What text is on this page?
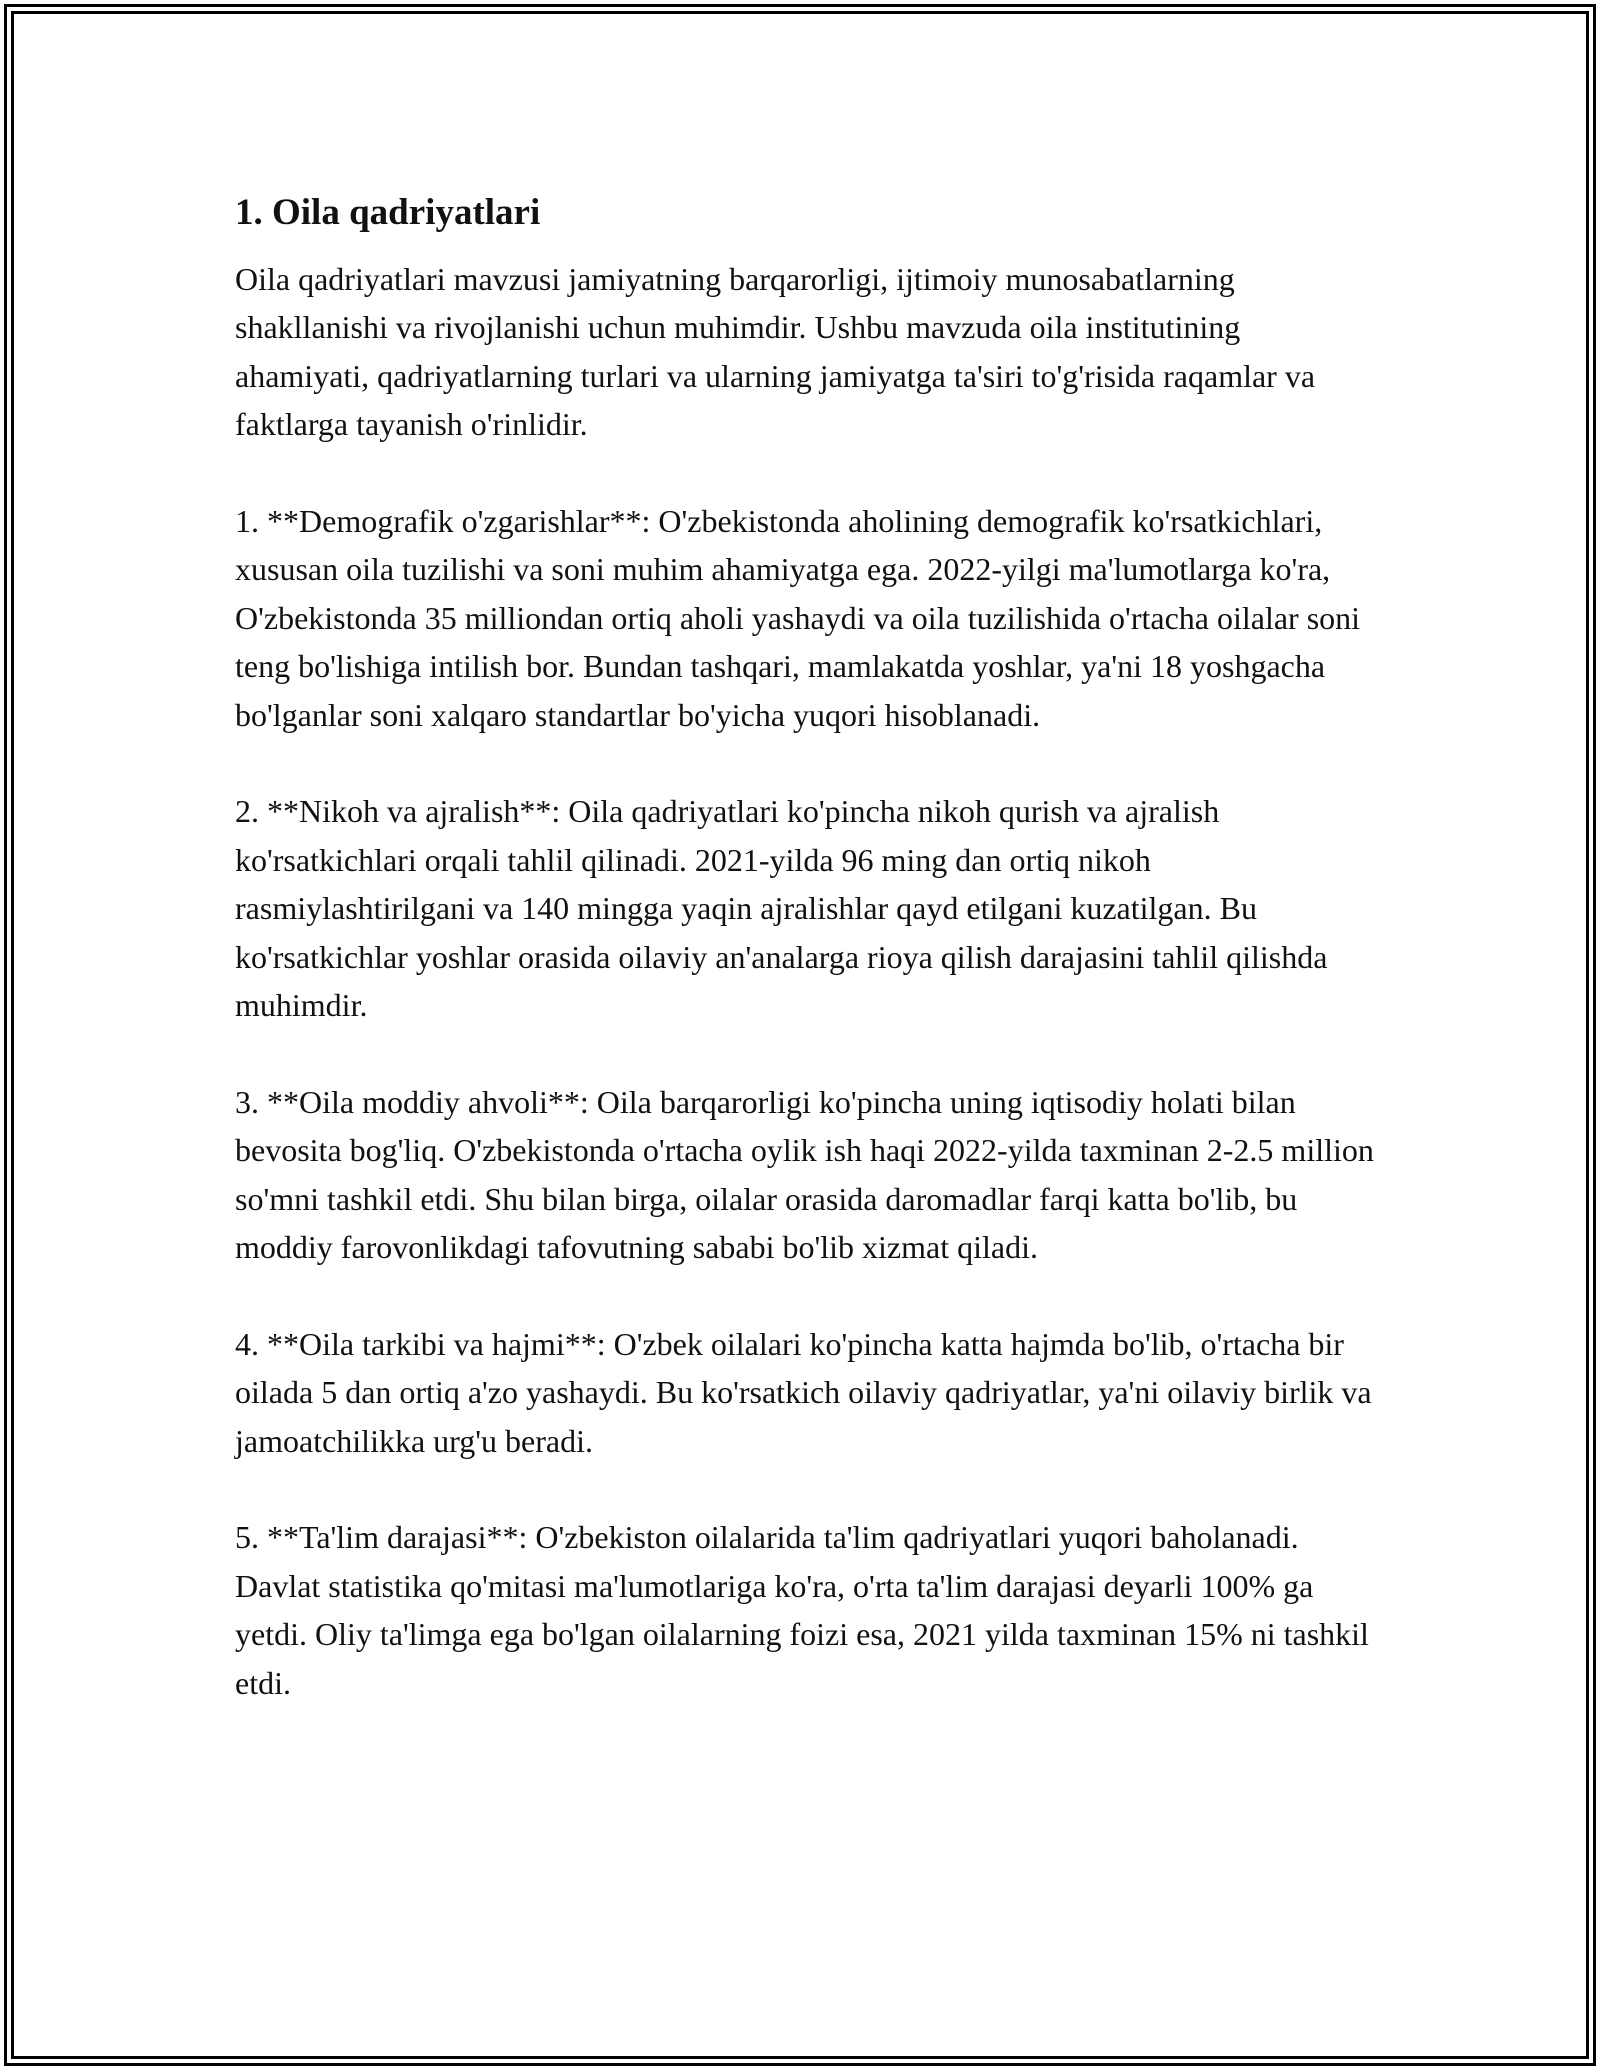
1. Oila qadriyatlari

Oila qadriyatlari mavzusi jamiyatning barqarorligi, ijtimoiy munosabatlarning shakllanishi va rivojlanishi uchun muhimdir. Ushbu mavzuda oila institutining ahamiyati, qadriyatlarning turlari va ularning jamiyatga ta'siri to'g'risida raqamlar va faktlarga tayanish o'rinlidir.

1. **Demografik o'zgarishlar**: O'zbekistonda aholining demografik ko'rsatkichlari, xususan oila tuzilishi va soni muhim ahamiyatga ega. 2022-yilgi ma'lumotlarga ko'ra, O'zbekistonda 35 milliondan ortiq aholi yashaydi va oila tuzilishida o'rtacha oilalar soni teng bo'lishiga intilish bor. Bundan tashqari, mamlakatda yoshlar, ya'ni 18 yoshgacha bo'lganlar soni xalqaro standartlar bo'yicha yuqori hisoblanadi.

2. **Nikoh va ajralish**: Oila qadriyatlari ko'pincha nikoh qurish va ajralish ko'rsatkichlari orqali tahlil qilinadi. 2021-yilda 96 ming dan ortiq nikoh rasmiylashtirilgani va 140 mingga yaqin ajralishlar qayd etilgani kuzatilgan. Bu ko'rsatkichlar yoshlar orasida oilaviy an'analarga rioya qilish darajasini tahlil qilishda muhimdir.

3. **Oila moddiy ahvoli**: Oila barqarorligi ko'pincha uning iqtisodiy holati bilan bevosita bog'liq. O'zbekistonda o'rtacha oylik ish haqi 2022-yilda taxminan 2-2.5 million so'mni tashkil etdi. Shu bilan birga, oilalar orasida daromadlar farqi katta bo'lib, bu moddiy farovonlikdagi tafovutning sababi bo'lib xizmat qiladi.

4. **Oila tarkibi va hajmi**: O'zbek oilalari ko'pincha katta hajmda bo'lib, o'rtacha bir oilada 5 dan ortiq a'zo yashaydi. Bu ko'rsatkich oilaviy qadriyatlar, ya'ni oilaviy birlik va jamoatchilikka urg'u beradi.

5. **Ta'lim darajasi**: O'zbekiston oilalarida ta'lim qadriyatlari yuqori baholanadi. Davlat statistika qo'mitasi ma'lumotlariga ko'ra, o'rta ta'lim darajasi deyarli 100% ga yetdi. Oliy ta'limga ega bo'lgan oilalarning foizi esa, 2021 yilda taxminan 15% ni tashkil etdi.
